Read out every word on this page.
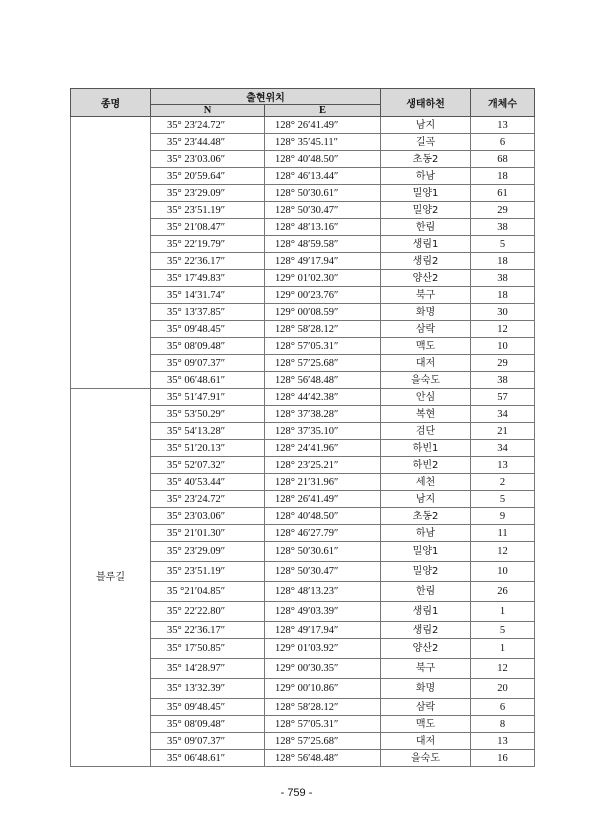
종명	출현위치		생태하천	개체수
	N	E		
	35° 23′24.72″	128° 26′41.49″	남지	13
	35° 23′44.48″	128° 35′45.11″	길곡	6
	35° 23′03.06″	128° 40′48.50″	초동2	68
	35° 20′59.64″	128° 46′13.44″	하남	18
	35° 23′29.09″	128° 50′30.61″	밀양1	61
	35° 23′51.19″	128° 50′30.47″	밀양2	29
	35° 21′08.47″	128° 48′13.16″	한림	38
	35° 22′19.79″	128° 48′59.58″	생림1	5
	35° 22′36.17″	128° 49′17.94″	생림2	18
	35° 17′49.83″	129° 01′02.30″	양산2	38
	35° 14′31.74″	129° 00′23.76″	북구	18
	35° 13′37.85″	129° 00′08.59″	화명	30
	35° 09′48.45″	128° 58′28.12″	삼락	12
	35° 08′09.48″	128° 57′05.31″	맥도	10
	35° 09′07.37″	128° 57′25.68″	대저	29
	35° 06′48.61″	128° 56′48.48″	을숙도	38
블루길	35° 51′47.91″	128° 44′42.38″	안심	57
	35° 53′50.29″	128° 37′38.28″	복현	34
	35° 54′13.28″	128° 37′35.10″	검단	21
	35° 51′20.13″	128° 24′41.96″	하빈1	34
	35° 52′07.32″	128° 23′25.21″	하빈2	13
	35° 40′53.44″	128° 21′31.96″	세천	2
	35° 23′24.72″	128° 26′41.49″	남지	5
	35° 23′03.06″	128° 40′48.50″	초동2	9
	35° 21′01.30″	128° 46′27.79″	하남	11
	35° 23′29.09″	128° 50′30.61″	밀양1	12
	35° 23′51.19″	128° 50′30.47″	밀양2	10
	35 °21′04.85″	128° 48′13.23″	한림	26
	35° 22′22.80″	128° 49′03.39″	생림1	1
	35° 22′36.17″	128° 49′17.94″	생림2	5
	35° 17′50.85″	129° 01′03.92″	양산2	1
	35° 14′28.97″	129° 00′30.35″	북구	12
	35° 13′32.39″	129° 00′10.86″	화명	20
	35° 09′48.45″	128° 58′28.12″	삼락	6
	35° 08′09.48″	128° 57′05.31″	맥도	8
	35° 09′07.37″	128° 57′25.68″	대저	13
	35° 06′48.61″	128° 56′48.48″	을숙도	16
- 759 -
